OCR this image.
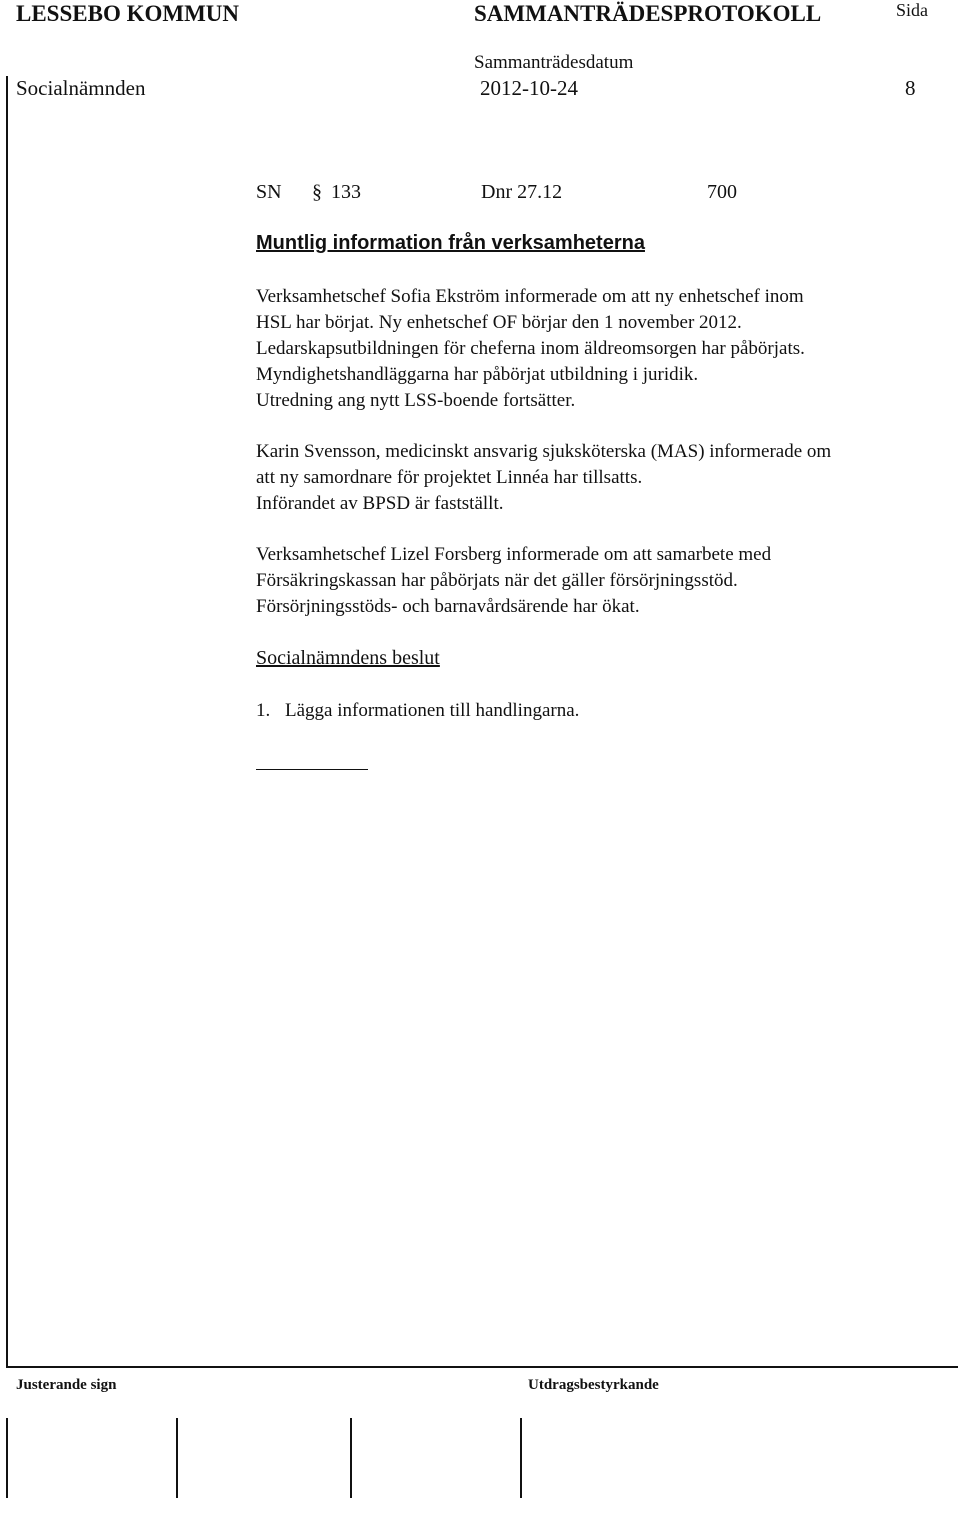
LESSEBO KOMMUN	SAMMANTRÄDESPROTOKOLL	Sida
Sammanträdesdatum
Socialnämnden	2012-10-24	8
SN § 133	Dnr 27.12	700
Muntlig information från verksamheterna

Verksamhetschef Sofia Ekström informerade om att ny enhetschef inom

HSL har börjat. Ny enhetschef OF börjar den 1 november 2012.

Ledarskapsutbildningen för cheferna inom äldreomsorgen har påbörjats.

Myndighetshandläggarna har påbörjat utbildning i juridik.

Utredning ang nytt LSS-boende fortsätter.

Karin Svensson, medicinskt ansvarig sjuksköterska (MAS) informerade om

att ny samordnare för projektet Linnéa har tillsatts.

Införandet av BPSD är fastställt.

Verksamhetschef Lizel Forsberg informerade om att samarbete med

Försäkringskassan har påbörjats när det gäller försörjningsstöd.

Försörjningsstöds- och barnavårdsärende har ökat.

Socialnämndens beslut
1. Lägga informationen till handlingarna.
Justerande sign	Utdragsbestyrkande
